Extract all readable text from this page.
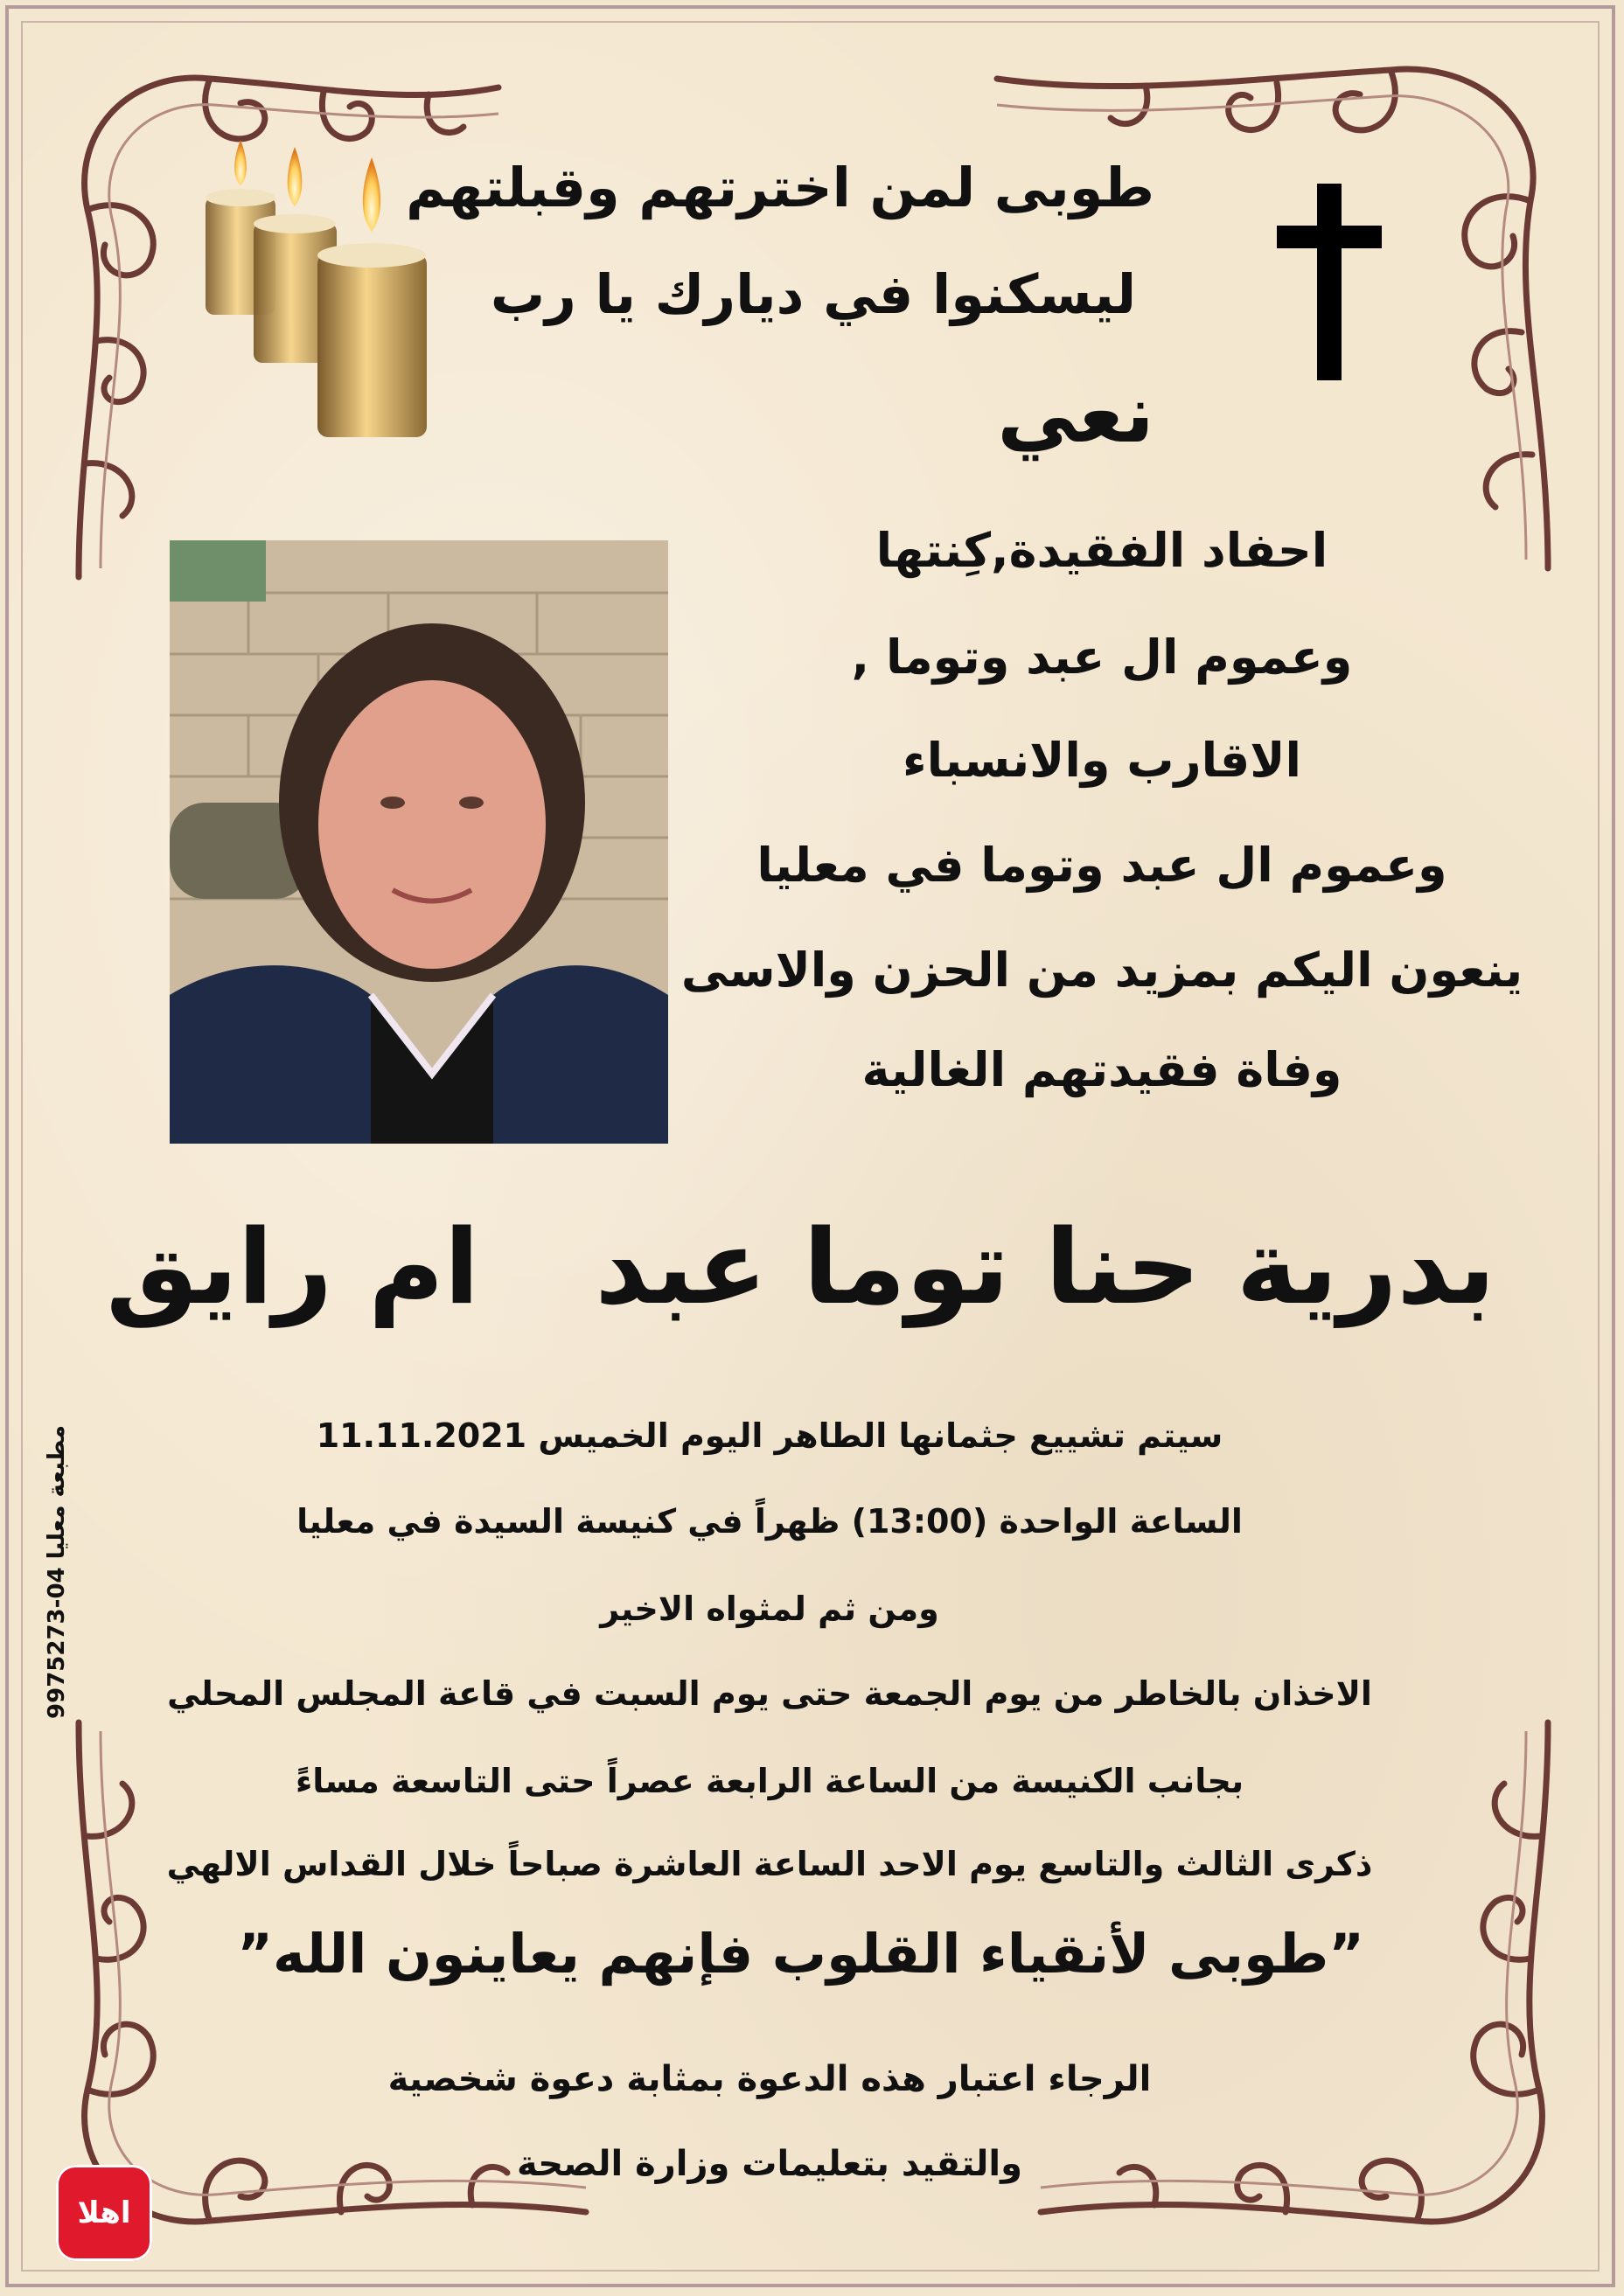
طوبى لمن اخترتهم وقبلتهم
ليسكنوا في ديارك يا رب
نعي
احفاد الفقيدة,كِنتها
وعموم ال عبد وتوما ,
الاقارب والانسباء
وعموم ال عبد وتوما في معليا
ينعون اليكم بمزيد من الحزن والاسى
وفاة فقيدتهم الغالية
بدرية حنا توما عبد  ام رايق
سيتم تشييع جثمانها الطاهر اليوم الخميس 11.11.2021
الساعة الواحدة (13:00) ظهراً في كنيسة السيدة في معليا
ومن ثم لمثواه الاخير
الاخذان بالخاطر من يوم الجمعة حتى يوم السبت في قاعة المجلس المحلي
بجانب الكنيسة من الساعة الرابعة عصراً حتى التاسعة مساءً
ذكرى الثالث والتاسع يوم الاحد الساعة العاشرة صباحاً خلال القداس الالهي
”طوبى لأنقياء القلوب فإنهم يعاينون الله”
الرجاء اعتبار هذه الدعوة بمثابة دعوة شخصية
والتقيد بتعليمات وزارة الصحة
مطبعة معليا 04-9975273
اهلا
